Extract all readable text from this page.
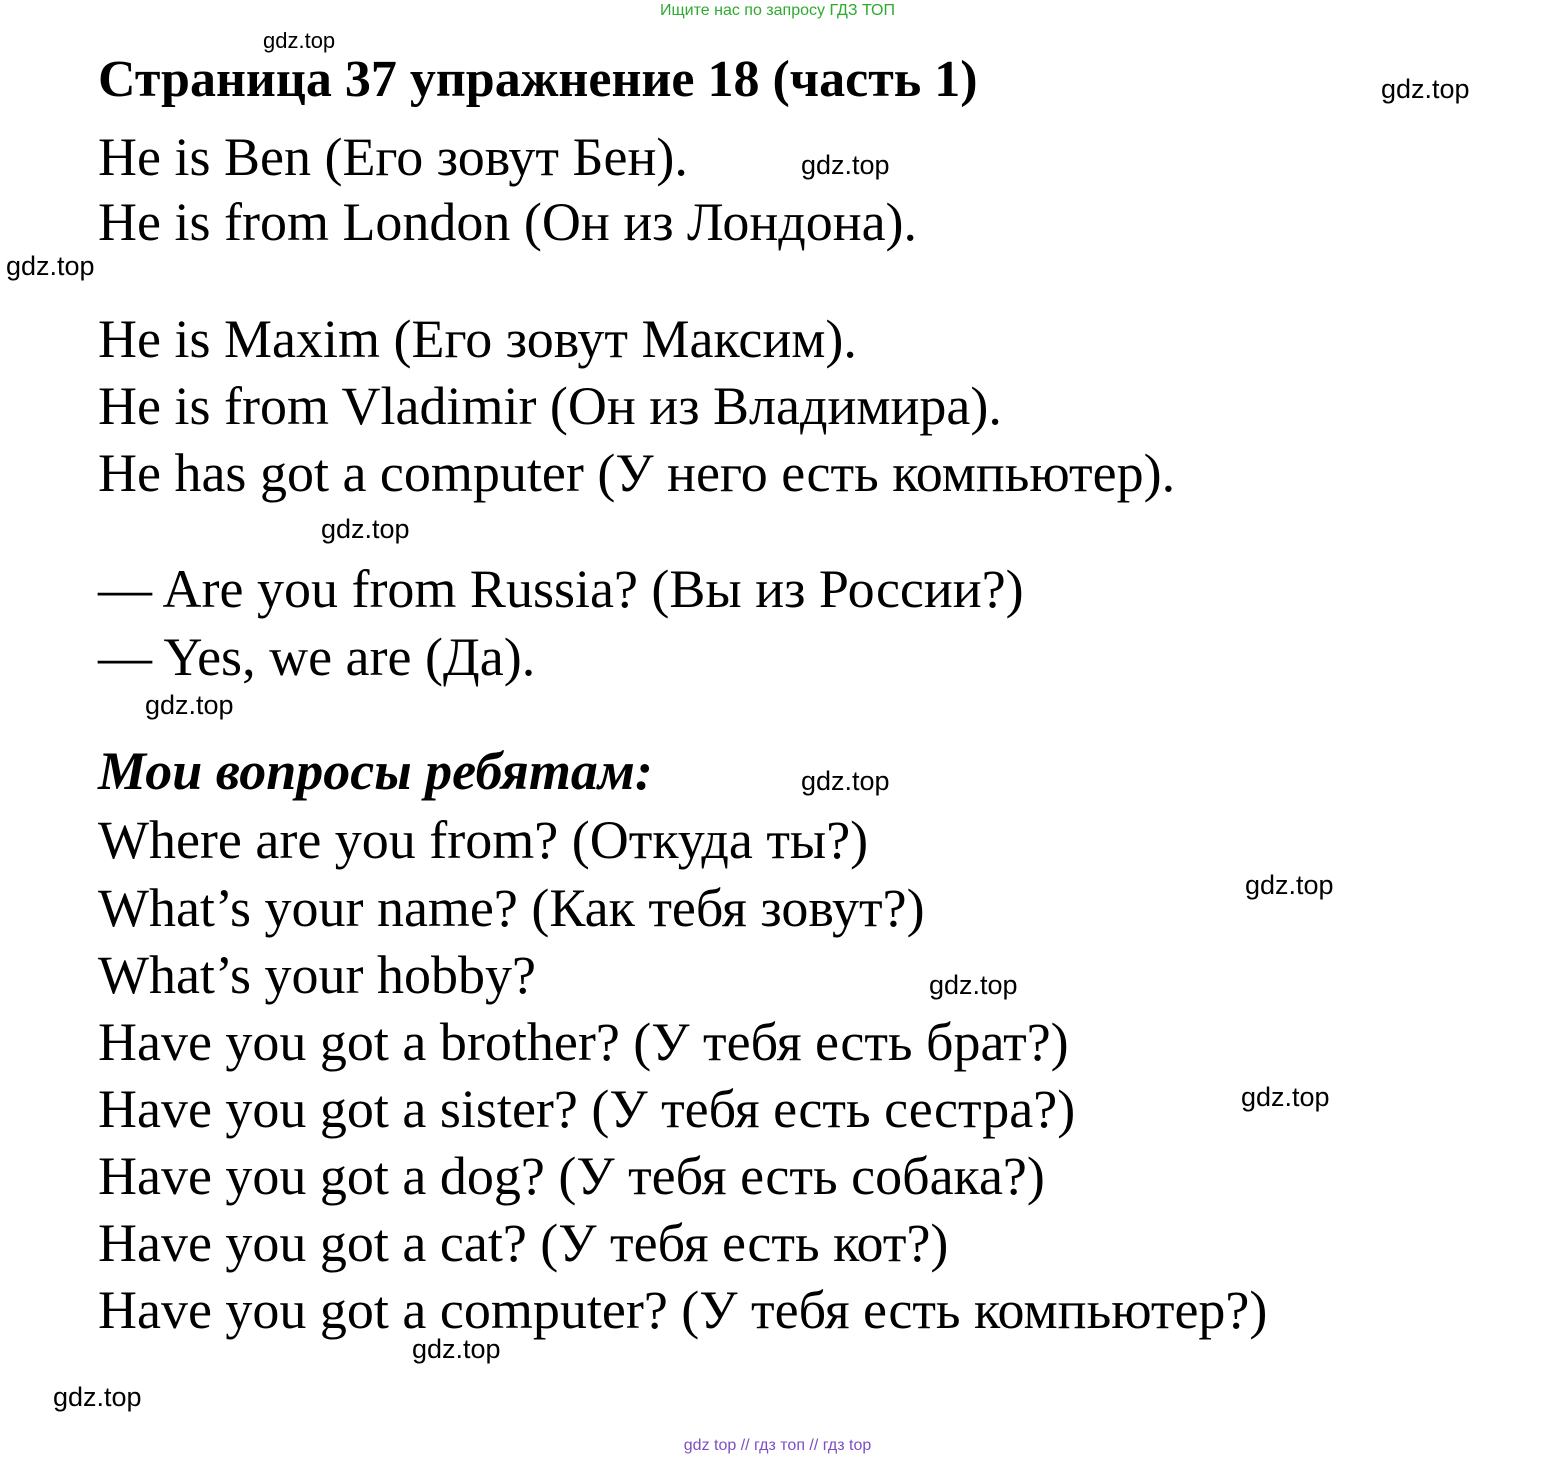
Ищите нас по запросу ГДЗ ТОП
Страница 37 упражнение 18 (часть 1)
He is Ben (Его зовут Бен).
He is from London (Он из Лондона).
He is Maxim (Его зовут Максим).
He is from Vladimir (Он из Владимира).
He has got a computer (У него есть компьютер).
— Are you from Russia? (Вы из России?)
— Yes, we are (Да).
Мои вопросы ребятам:
Where are you from? (Откуда ты?)
What’s your name? (Как тебя зовут?)
What’s your hobby?
Have you got a brother? (У тебя есть брат?)
Have you got a sister? (У тебя есть сестра?)
Have you got a dog? (У тебя есть собака?)
Have you got a cat? (У тебя есть кот?)
Have you got a computer? (У тебя есть компьютер?)
gdz.top
gdz.top
gdz.top
gdz.top
gdz.top
gdz.top
gdz.top
gdz.top
gdz.top
gdz.top
gdz.top
gdz.top
gdz top // гдз топ // гдз top
